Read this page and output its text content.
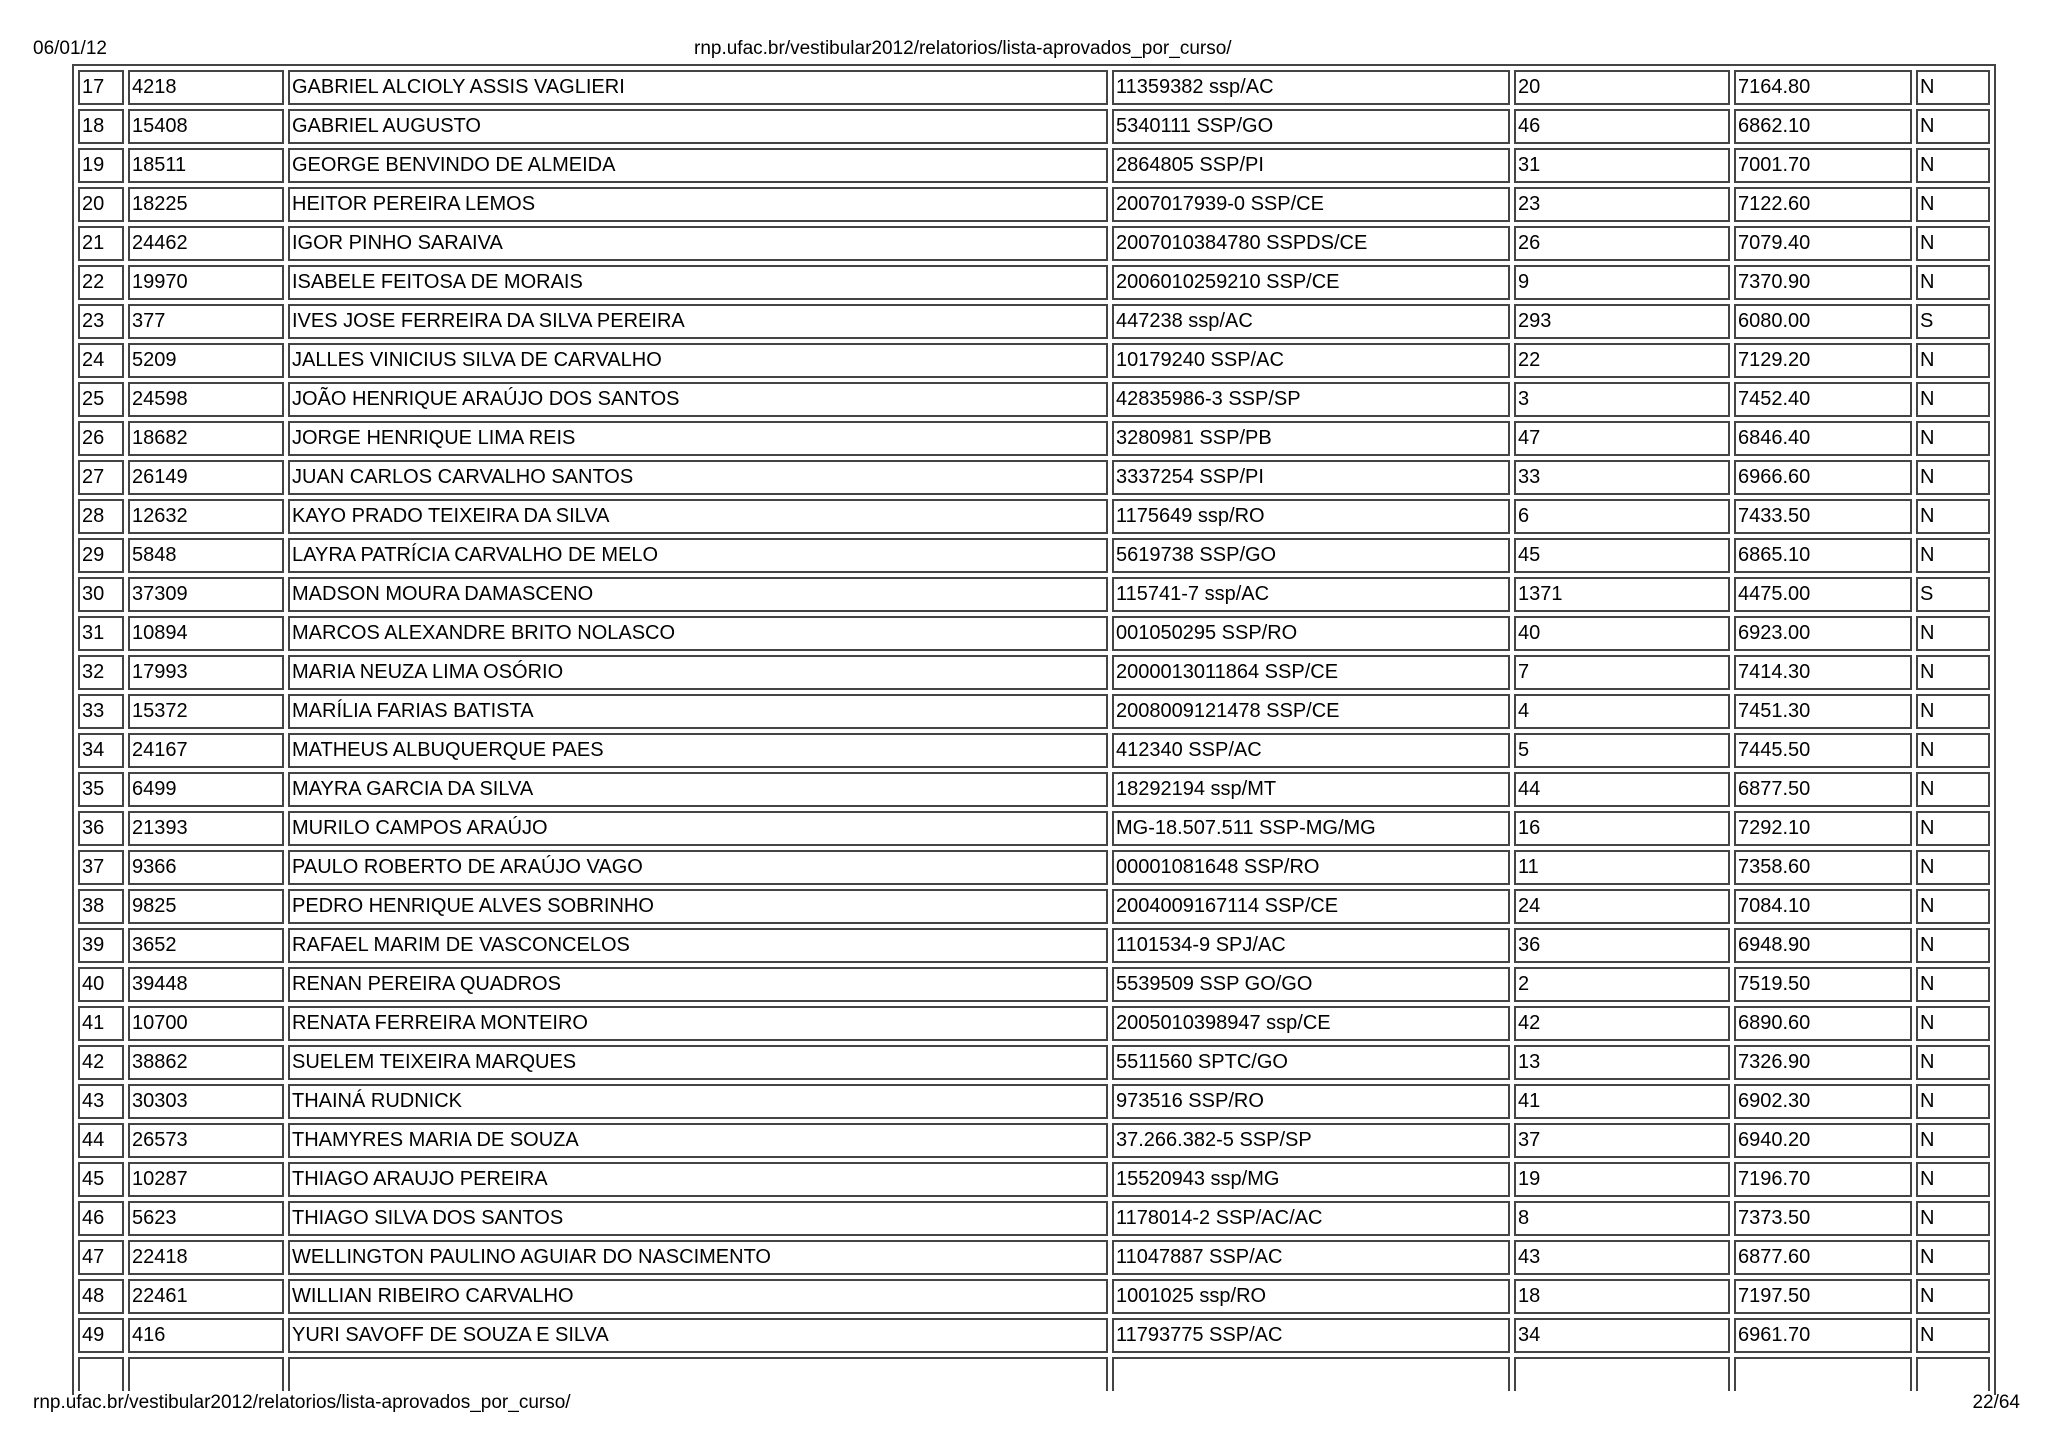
06/01/12	rnp.ufac.br/vestibular2012/relatorios/lista-aprovados_por_curso/
17	4218	GABRIEL ALCIOLY ASSIS VAGLIERI	11359382 ssp/AC	20	7164.80	N
18	15408	GABRIEL AUGUSTO	5340111 SSP/GO	46	6862.10	N
19	18511	GEORGE BENVINDO DE ALMEIDA	2864805 SSP/PI	31	7001.70	N
20	18225	HEITOR PEREIRA LEMOS	2007017939-0 SSP/CE	23	7122.60	N
21	24462	IGOR PINHO SARAIVA	2007010384780 SSPDS/CE	26	7079.40	N
22	19970	ISABELE FEITOSA DE MORAIS	2006010259210 SSP/CE	9	7370.90	N
23	377	IVES JOSE FERREIRA DA SILVA PEREIRA	447238 ssp/AC	293	6080.00	S
24	5209	JALLES VINICIUS SILVA DE CARVALHO	10179240 SSP/AC	22	7129.20	N
25	24598	JOÃO HENRIQUE ARAÚJO DOS SANTOS	42835986-3 SSP/SP	3	7452.40	N
26	18682	JORGE HENRIQUE LIMA REIS	3280981 SSP/PB	47	6846.40	N
27	26149	JUAN CARLOS CARVALHO SANTOS	3337254 SSP/PI	33	6966.60	N
28	12632	KAYO PRADO TEIXEIRA DA SILVA	1175649 ssp/RO	6	7433.50	N
29	5848	LAYRA PATRÍCIA CARVALHO DE MELO	5619738 SSP/GO	45	6865.10	N
30	37309	MADSON MOURA DAMASCENO	115741-7 ssp/AC	1371	4475.00	S
31	10894	MARCOS ALEXANDRE BRITO NOLASCO	001050295 SSP/RO	40	6923.00	N
32	17993	MARIA NEUZA LIMA OSÓRIO	2000013011864 SSP/CE	7	7414.30	N
33	15372	MARÍLIA FARIAS BATISTA	2008009121478 SSP/CE	4	7451.30	N
34	24167	MATHEUS ALBUQUERQUE PAES	412340 SSP/AC	5	7445.50	N
35	6499	MAYRA GARCIA DA SILVA	18292194 ssp/MT	44	6877.50	N
36	21393	MURILO CAMPOS ARAÚJO	MG-18.507.511 SSP-MG/MG	16	7292.10	N
37	9366	PAULO ROBERTO DE ARAÚJO VAGO	00001081648 SSP/RO	11	7358.60	N
38	9825	PEDRO HENRIQUE ALVES SOBRINHO	2004009167114 SSP/CE	24	7084.10	N
39	3652	RAFAEL MARIM DE VASCONCELOS	1101534-9 SPJ/AC	36	6948.90	N
40	39448	RENAN PEREIRA QUADROS	5539509 SSP GO/GO	2	7519.50	N
41	10700	RENATA FERREIRA MONTEIRO	2005010398947 ssp/CE	42	6890.60	N
42	38862	SUELEM TEIXEIRA MARQUES	5511560 SPTC/GO	13	7326.90	N
43	30303	THAINÁ RUDNICK	973516 SSP/RO	41	6902.30	N
44	26573	THAMYRES MARIA DE SOUZA	37.266.382-5 SSP/SP	37	6940.20	N
45	10287	THIAGO ARAUJO PEREIRA	15520943 ssp/MG	19	7196.70	N
46	5623	THIAGO SILVA DOS SANTOS	1178014-2 SSP/AC/AC	8	7373.50	N
47	22418	WELLINGTON PAULINO AGUIAR DO NASCIMENTO	11047887 SSP/AC	43	6877.60	N
48	22461	WILLIAN RIBEIRO CARVALHO	1001025 ssp/RO	18	7197.50	N
49	416	YURI SAVOFF DE SOUZA E SILVA	11793775 SSP/AC	34	6961.70	N

rnp.ufac.br/vestibular2012/relatorios/lista-aprovados_por_curso/	22/64
